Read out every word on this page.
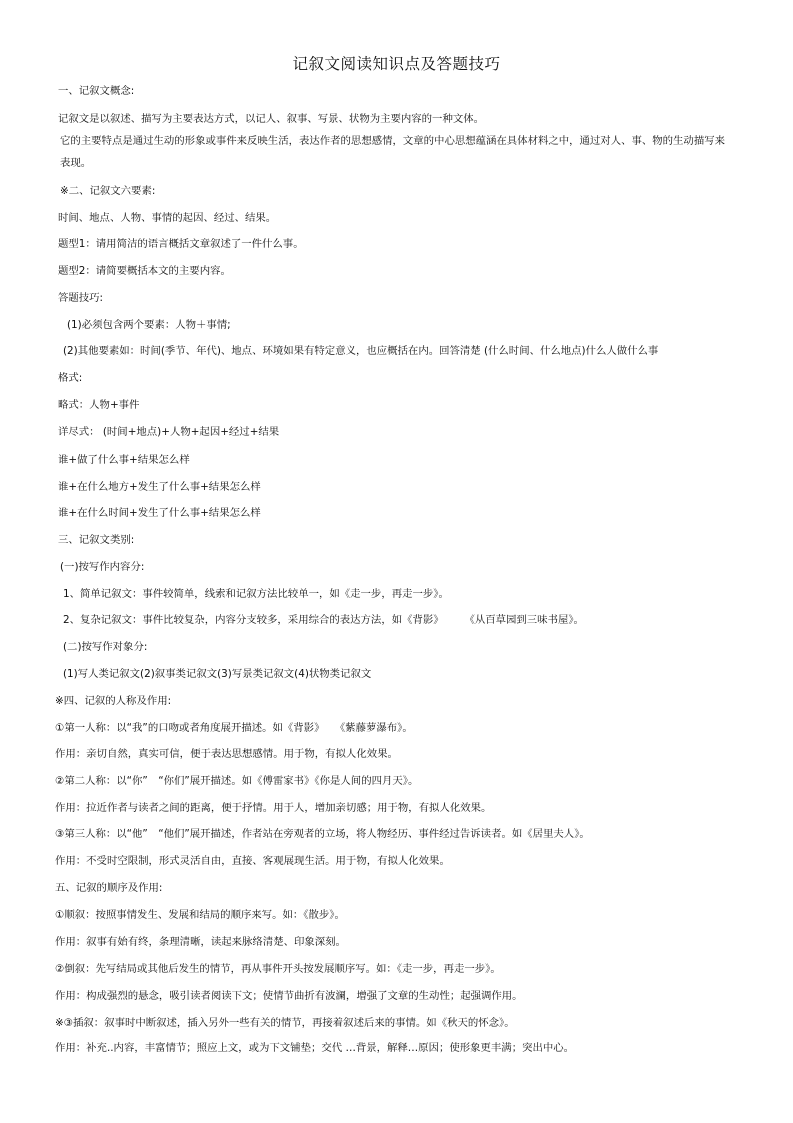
记叙文阅读知识点及答题技巧
一、记叙文概念:
记叙文是以叙述、描写为主要表达方式，以记人、叙事、写景、状物为主要内容的一种文体。
它的主要特点是通过生动的形象或事件来反映生活，表达作者的思想感情，文章的中心思想蕴涵在具体材料之中，通过对人、事、物的生动描写来表现。
※二、记叙文六要素:
时间、地点、人物、事情的起因、经过、结果。
题型1：请用简洁的语言概括文章叙述了一件什么事。
题型2：请简要概括本文的主要内容。
答题技巧:
(1)必须包含两个要素：人物＋事情;
(2)其他要素如：时间(季节、年代)、地点、环境如果有特定意义，也应概括在内。回答清楚 (什么时间、什么地点)什么人做什么事
格式:
略式：人物+事件
详尽式： (时间+地点)+人物+起因+经过+结果
谁+做了什么事+结果怎么样
谁+在什么地方+发生了什么事+结果怎么样
谁+在什么时间+发生了什么事+结果怎么样
三、记叙文类别:
(一)按写作内容分:
1、简单记叙文：事件较简单，线索和记叙方法比较单一，如《走一步，再走一步》。
2、复杂记叙文：事件比较复杂，内容分支较多，采用综合的表达方法，如《背影》　　　《从百草园到三味书屋》。
(二)按写作对象分:
(1)写人类记叙文(2)叙事类记叙文(3)写景类记叙文(4)状物类记叙文
※四、记叙的人称及作用:
①第一人称：以“我”的口吻或者角度展开描述。如《背影》　　《紫藤萝瀑布》。
作用：亲切自然，真实可信，便于表达思想感情。用于物，有拟人化效果。
②第二人称：以“你”　“你们”展开描述。如《傅雷家书》《你是人间的四月天》。
作用：拉近作者与读者之间的距离，便于抒情。用于人，增加亲切感；用于物，有拟人化效果。
③第三人称：以“他”　“他们”展开描述，作者站在旁观者的立场，将人物经历、事件经过告诉读者。如《居里夫人》。
作用：不受时空限制，形式灵活自由，直接、客观展现生活。用于物，有拟人化效果。
五、记叙的顺序及作用:
①顺叙：按照事情发生、发展和结局的顺序来写。如：《散步》。
作用：叙事有始有终，条理清晰，读起来脉络清楚、印象深刻。
②倒叙：先写结局或其他后发生的情节，再从事件开头按发展顺序写。如：《走一步，再走一步》。
作用：构成强烈的悬念，吸引读者阅读下文；使情节曲折有波澜，增强了文章的生动性；起强调作用。
※③插叙：叙事时中断叙述，插入另外一些有关的情节，再接着叙述后来的事情。如《秋天的怀念》。
作用：补充..内容，丰富情节；照应上文，或为下文铺垫；交代 …背景，解释…原因；使形象更丰满；突出中心。
